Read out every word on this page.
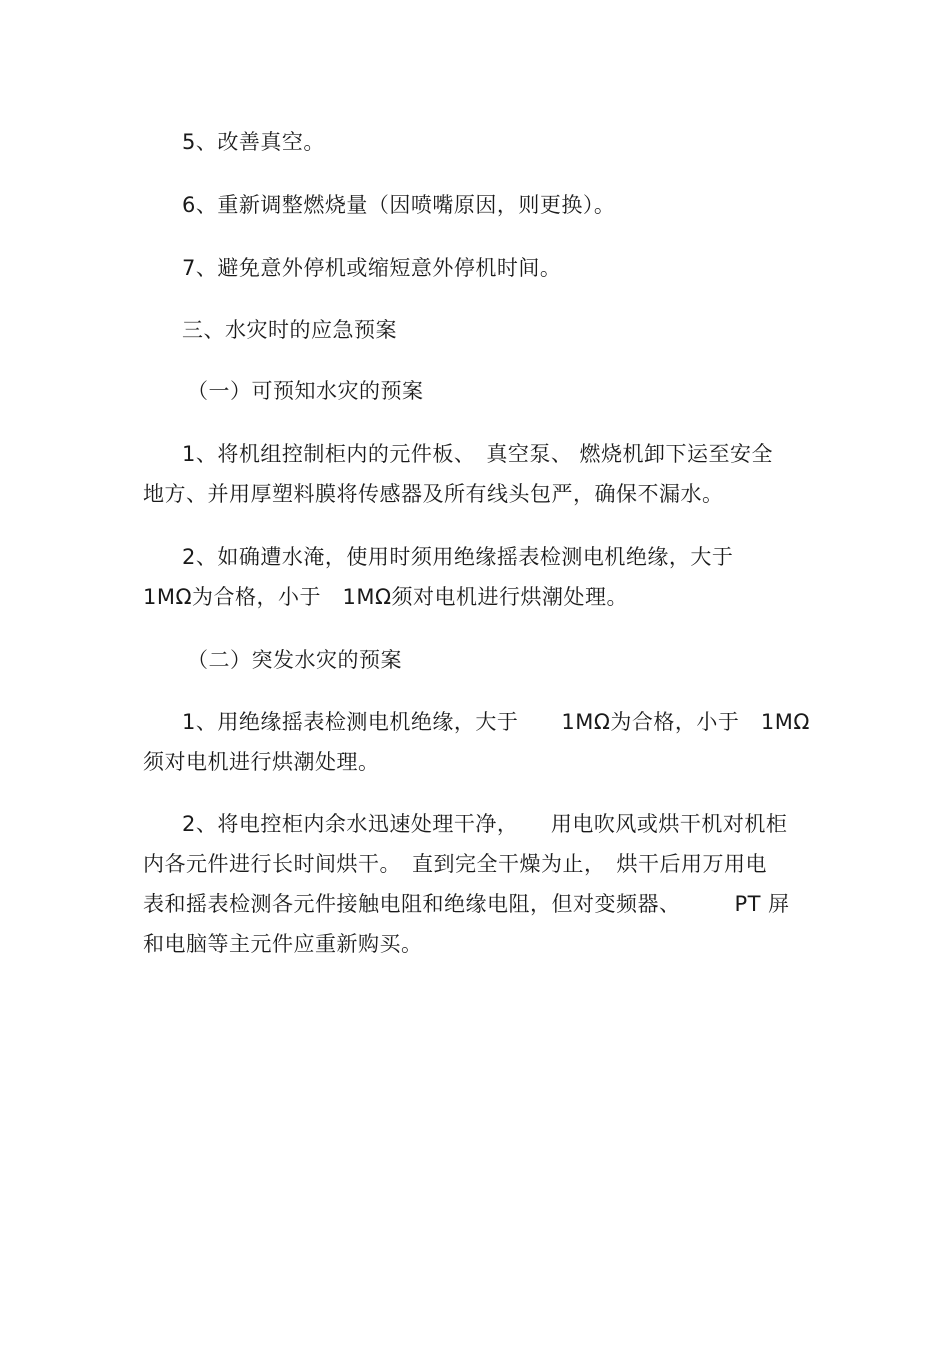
5、改善真空。
6、重新调整燃烧量（因喷嘴原因，则更换）。
7、避免意外停机或缩短意外停机时间。
三、水灾时的应急预案
（一）可预知水灾的预案
1、将机组控制柜内的元件板、　真空泵、 燃烧机卸下运至安全
地方、并用厚塑料膜将传感器及所有线头包严，确保不漏水。
2、如确遭水淹，使用时须用绝缘摇表检测电机绝缘，大于
1MΩ为合格，小于　1MΩ须对电机进行烘潮处理。
（二）突发水灾的预案
1、用绝缘摇表检测电机绝缘，大于　　1MΩ为合格，小于　1MΩ
须对电机进行烘潮处理。
2、将电控柜内余水迅速处理干净，　　用电吹风或烘干机对机柜
内各元件进行长时间烘干。　直到完全干燥为止，　烘干后用万用电
表和摇表检测各元件接触电阻和绝缘电阻，但对变频器、　　　PT 屏
和电脑等主元件应重新购买。
